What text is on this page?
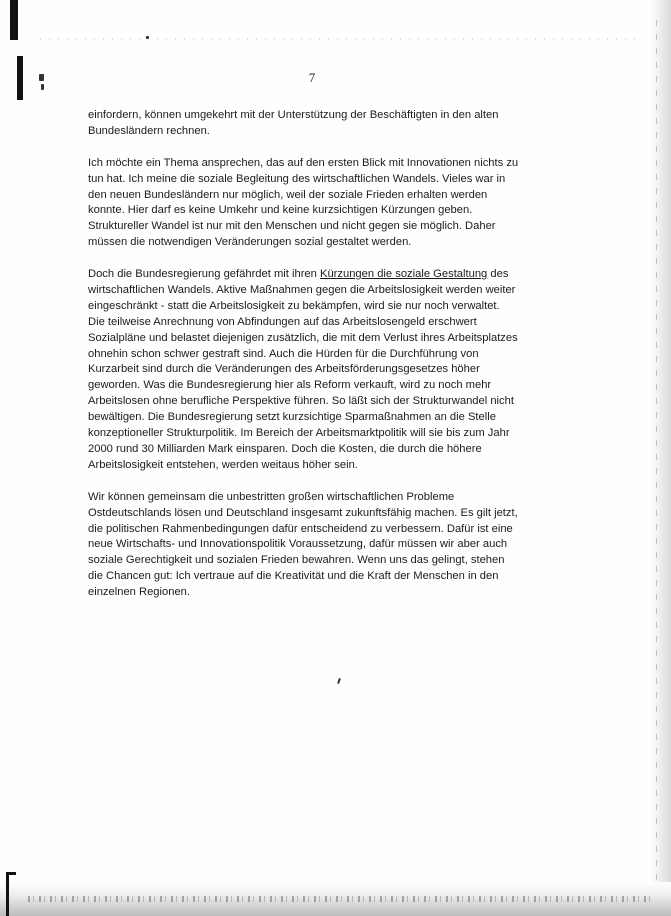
7

einfordern, können umgekehrt mit der Unterstützung der Beschäftigten in den alten
Bundesländern rechnen.

Ich möchte ein Thema ansprechen, das auf den ersten Blick mit Innovationen nichts zu
tun hat. Ich meine die soziale Begleitung des wirtschaftlichen Wandels. Vieles war in
den neuen Bundesländern nur möglich, weil der soziale Frieden erhalten werden
konnte. Hier darf es keine Umkehr und keine kurzsichtigen Kürzungen geben.
Struktureller Wandel ist nur mit den Menschen und nicht gegen sie möglich. Daher
müssen die notwendigen Veränderungen sozial gestaltet werden.

Doch die Bundesregierung gefährdet mit ihren Kürzungen die soziale Gestaltung des
wirtschaftlichen Wandels. Aktive Maßnahmen gegen die Arbeitslosigkeit werden weiter
eingeschränkt - statt die Arbeitslosigkeit zu bekämpfen, wird sie nur noch verwaltet.
Die teilweise Anrechnung von Abfindungen auf das Arbeitslosengeld erschwert
Sozialpläne und belastet diejenigen zusätzlich, die mit dem Verlust ihres Arbeitsplatzes
ohnehin schon schwer gestraft sind. Auch die Hürden für die Durchführung von
Kurzarbeit sind durch die Veränderungen des Arbeitsförderungsgesetzes höher
geworden. Was die Bundesregierung hier als Reform verkauft, wird zu noch mehr
Arbeitslosen ohne berufliche Perspektive führen. So läßt sich der Strukturwandel nicht
bewältigen. Die Bundesregierung setzt kurzsichtige Sparmaßnahmen an die Stelle
konzeptioneller Strukturpolitik. Im Bereich der Arbeitsmarktpolitik will sie bis zum Jahr
2000 rund 30 Milliarden Mark einsparen. Doch die Kosten, die durch die höhere
Arbeitslosigkeit entstehen, werden weitaus höher sein.

Wir können gemeinsam die unbestritten großen wirtschaftlichen Probleme
Ostdeutschlands lösen und Deutschland insgesamt zukunftsfähig machen. Es gilt jetzt,
die politischen Rahmenbedingungen dafür entscheidend zu verbessern. Dafür ist eine
neue Wirtschafts- und Innovationspolitik Voraussetzung, dafür müssen wir aber auch
soziale Gerechtigkeit und sozialen Frieden bewahren. Wenn uns das gelingt, stehen
die Chancen gut: Ich vertraue auf die Kreativität und die Kraft der Menschen in den
einzelnen Regionen.
